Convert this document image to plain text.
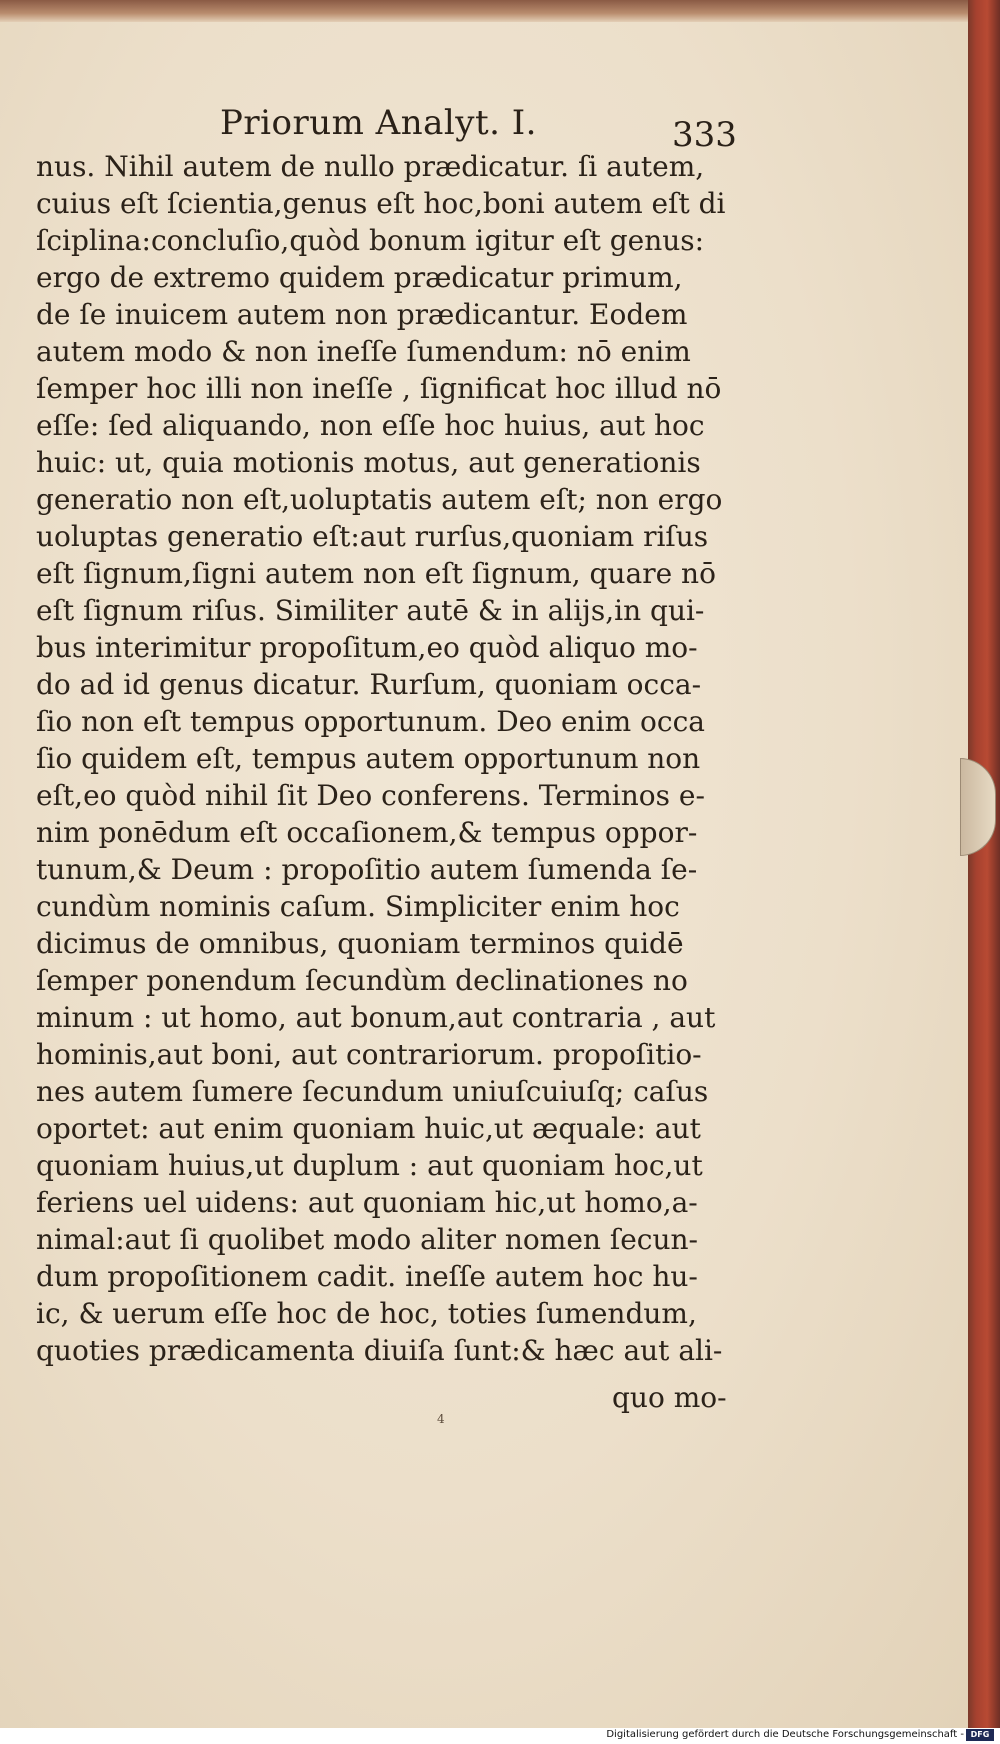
Priorum Analyt. I.	333
nus. Nihil autem de nullo prædicatur. ſi autem,
cuius eſt ſcientia,genus eſt hoc,boni autem eſt di
ſciplina:concluſio,quòd bonum igitur eſt genus:
ergo de extremo quidem prædicatur primum,
de ſe inuicem autem non prædicantur. Eodem
autem modo & non ineſſe ſumendum: nō enim
ſemper hoc illi non ineſſe , ſignificat hoc illud nō
eſſe: ſed aliquando, non eſſe hoc huius, aut hoc
huic: ut, quia motionis motus, aut generationis
generatio non eſt,uoluptatis autem eſt; non ergo
uoluptas generatio eſt:aut rurſus,quoniam riſus
eſt ſignum,ſigni autem non eſt ſignum, quare nō
eſt ſignum riſus. Similiter autē & in alijs,in qui-
bus interimitur propoſitum,eo quòd aliquo mo-
do ad id genus dicatur. Rurſum, quoniam occa-
ſio non eſt tempus opportunum. Deo enim occa
ſio quidem eſt, tempus autem opportunum non
eſt,eo quòd nihil ſit Deo conferens. Terminos e-
nim ponēdum eſt occaſionem,& tempus oppor-
tunum,& Deum : propoſitio autem ſumenda ſe-
cundùm nominis caſum. Simpliciter enim hoc
dicimus de omnibus, quoniam terminos quidē
ſemper ponendum ſecundùm declinationes no
minum : ut homo, aut bonum,aut contraria , aut
hominis,aut boni, aut contrariorum. propoſitio-
nes autem ſumere ſecundum uniuſcuiuſq; caſus
oportet: aut enim quoniam huic,ut æquale: aut
quoniam huius,ut duplum : aut quoniam hoc,ut
feriens uel uidens: aut quoniam hic,ut homo,a-
nimal:aut ſi quolibet modo aliter nomen ſecun-
dum propoſitionem cadit. ineſſe autem hoc hu-
ic, & uerum eſſe hoc de hoc, toties ſumendum,
quoties prædicamenta diuiſa ſunt:& hæc aut ali-
quo mo-
4
Digitalisierung gefördert durch die Deutsche Forschungsgemeinschaft - DFG
